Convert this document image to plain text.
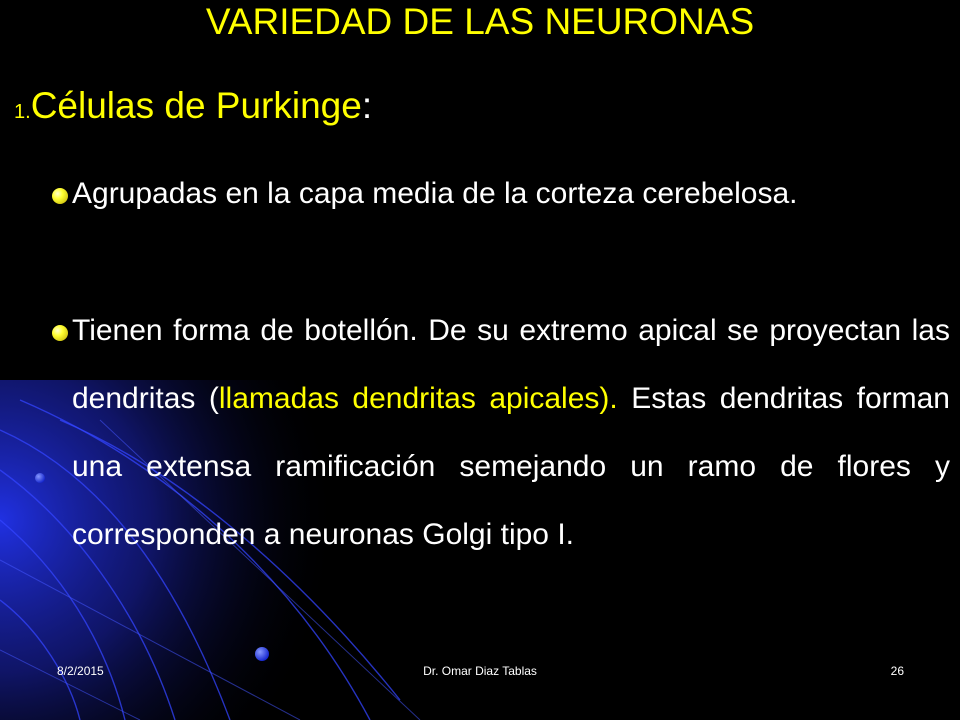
VARIEDAD DE LAS NEURONAS
1.Células de Purkinge:
Agrupadas en la capa media de la corteza cerebelosa.
Tienen forma de botellón. De su extremo apical se proyectan las dendritas (llamadas dendritas apicales). Estas dendritas forman una extensa ramificación semejando un ramo de flores y corresponden a neuronas Golgi tipo I.
8/2/2015	Dr. Omar Diaz Tablas	26
